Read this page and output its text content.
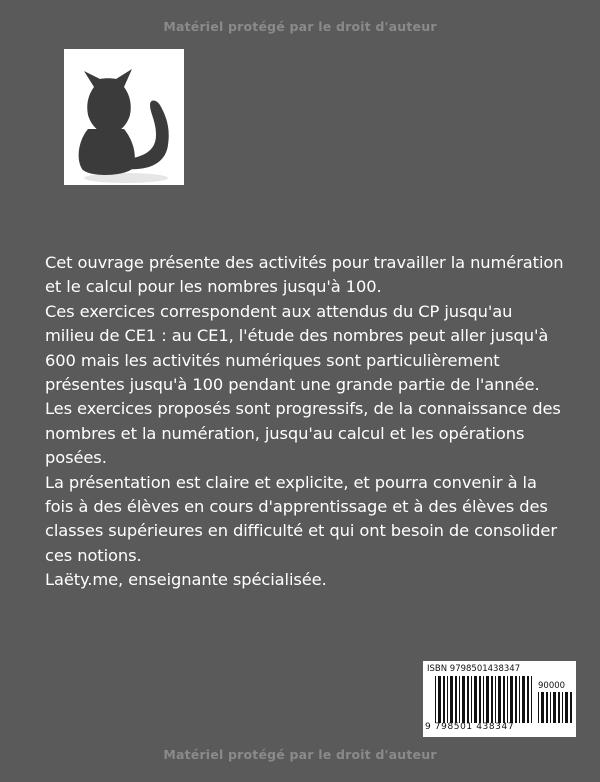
Matériel protégé par le droit d'auteur

Cet ouvrage présente des activités pour travailler la numération et le calcul pour les nombres jusqu'à 100.

Ces exercices correspondent aux attendus du CP jusqu'au milieu de CE1 : au CE1, l'étude des nombres peut aller jusqu'à 600 mais les activités numériques sont particulièrement présentes jusqu'à 100 pendant une grande partie de l'année.

Les exercices proposés sont progressifs, de la connaissance des nombres et la numération, jusqu'au calcul et les opérations posées.

La présentation est claire et explicite, et pourra convenir à la fois à des élèves en cours d'apprentissage et à des élèves des classes supérieures en difficulté et qui ont besoin de consolider ces notions.

Laëty.me, enseignante spécialisée.

ISBN 9798501438347
90000
9 798501 438347
Matériel protégé par le droit d'auteur
